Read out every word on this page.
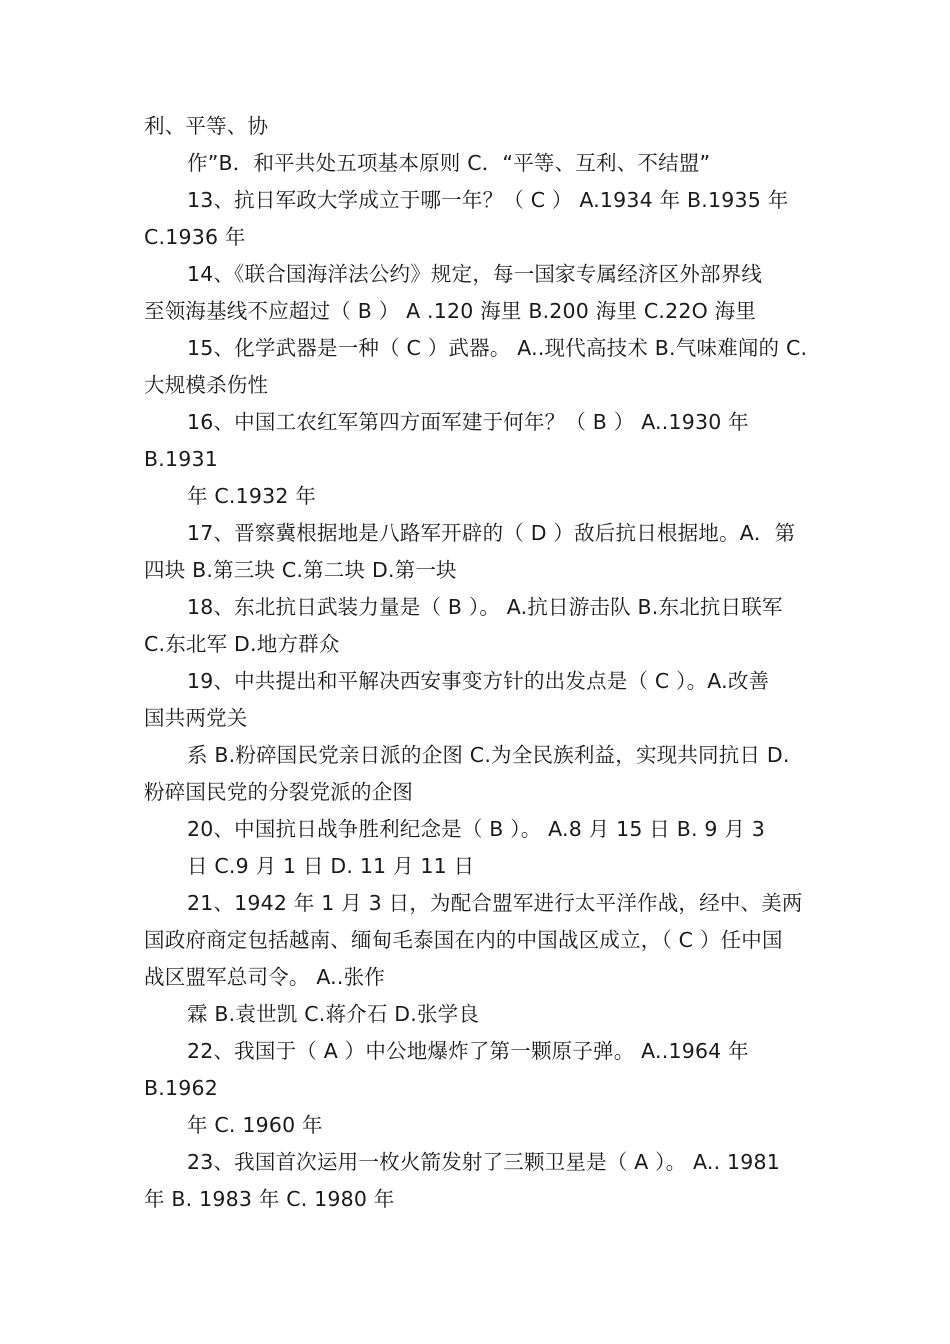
利、平等、协
作”B．和平共处五项基本原则 C．“平等、互利、不结盟”
13、抗日军政大学成立于哪一年？（ C ） A.1934 年 B.1935 年
C.1936 年
14、《联合国海洋法公约》规定，每一国家专属经济区外部界线
至领海基线不应超过（ B ） A .120 海里 B.200 海里 C.22O 海里
15、化学武器是一种（ C ）武器。 A..现代高技术 B.气味难闻的 C.
大规模杀伤性
16、中国工农红军第四方面军建于何年？（ B ） A..1930 年
B.1931
年 C.1932 年
17、晋察冀根据地是八路军开辟的（ D ）敌后抗日根据地。A．第
四块 B.第三块 C.第二块 D.第一块
18、东北抗日武装力量是（ B ）。 A.抗日游击队 B.东北抗日联军
C.东北军 D.地方群众
19、中共提出和平解决西安事变方针的出发点是（ C ）。A.改善
国共两党关
系 B.粉碎国民党亲日派的企图 C.为全民族利益，实现共同抗日 D.
粉碎国民党的分裂党派的企图
20、中国抗日战争胜利纪念是（ B ）。 A.8 月 15 日 B. 9 月 3
日 C.9 月 1 日 D. 11 月 11 日
21、1942 年 1 月 3 日，为配合盟军进行太平洋作战，经中、美两
国政府商定包括越南、缅甸毛泰国在内的中国战区成立，（ C ）任中国
战区盟军总司令。 A..张作
霖 B.袁世凯 C.蒋介石 D.张学良
22、我国于（ A ）中公地爆炸了第一颗原子弹。 A..1964 年
B.1962
年 C. 1960 年
23、我国首次运用一枚火箭发射了三颗卫星是（ A ）。 A.. 1981
年 B. 1983 年 C. 1980 年
